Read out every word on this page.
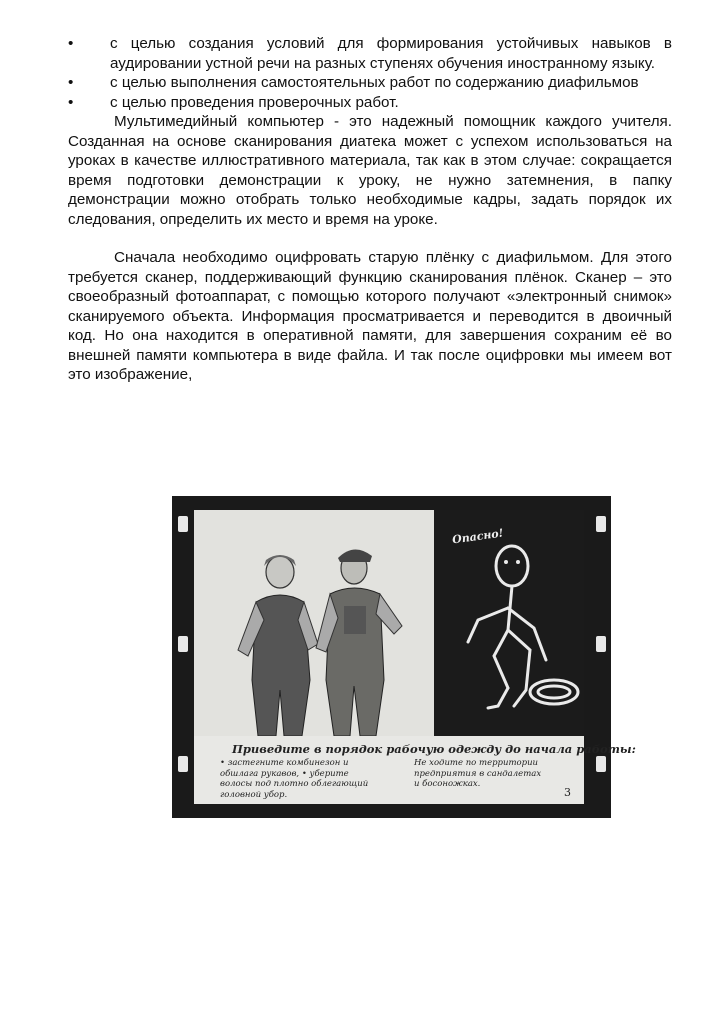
•	с целью создания условий для формирования устойчивых навыков в аудировании устной речи на разных ступенях обучения иностранному языку.
•	с целью выполнения самостоятельных работ по содержанию диафильмов
•	с целью проведения проверочных работ.

Мультимедийный компьютер - это надежный помощник каждого учителя. Созданная на основе сканирования диатека может с успехом использоваться на уроках в качестве иллюстративного материала, так как в этом случае: сокращается время подготовки демонстрации к уроку, не нужно затемнения, в папку демонстрации можно отобрать только необходимые кадры, задать порядок их следования, определить их место и время на уроке.

Сначала необходимо оцифровать старую плёнку с диафильмом. Для этого требуется сканер, поддерживающий функцию сканирования плёнок. Сканер – это своеобразный фотоаппарат, с помощью которого получают «электронный снимок» сканируемого объекта. Информация просматривается и переводится в двоичный код. Но она находится в оперативной памяти, для завершения сохраним её во внешней памяти компьютера в виде файла. И так после оцифровки мы имеем вот это изображение,

Приведите в порядок рабочую одежду до начала работы:
• застегните комбинезон и обшлага рукавов, • уберите волосы под плотно облегающий головной убор.
Не ходите по территории предприятия в сандалетах и босоножках.
3
Опасно!
